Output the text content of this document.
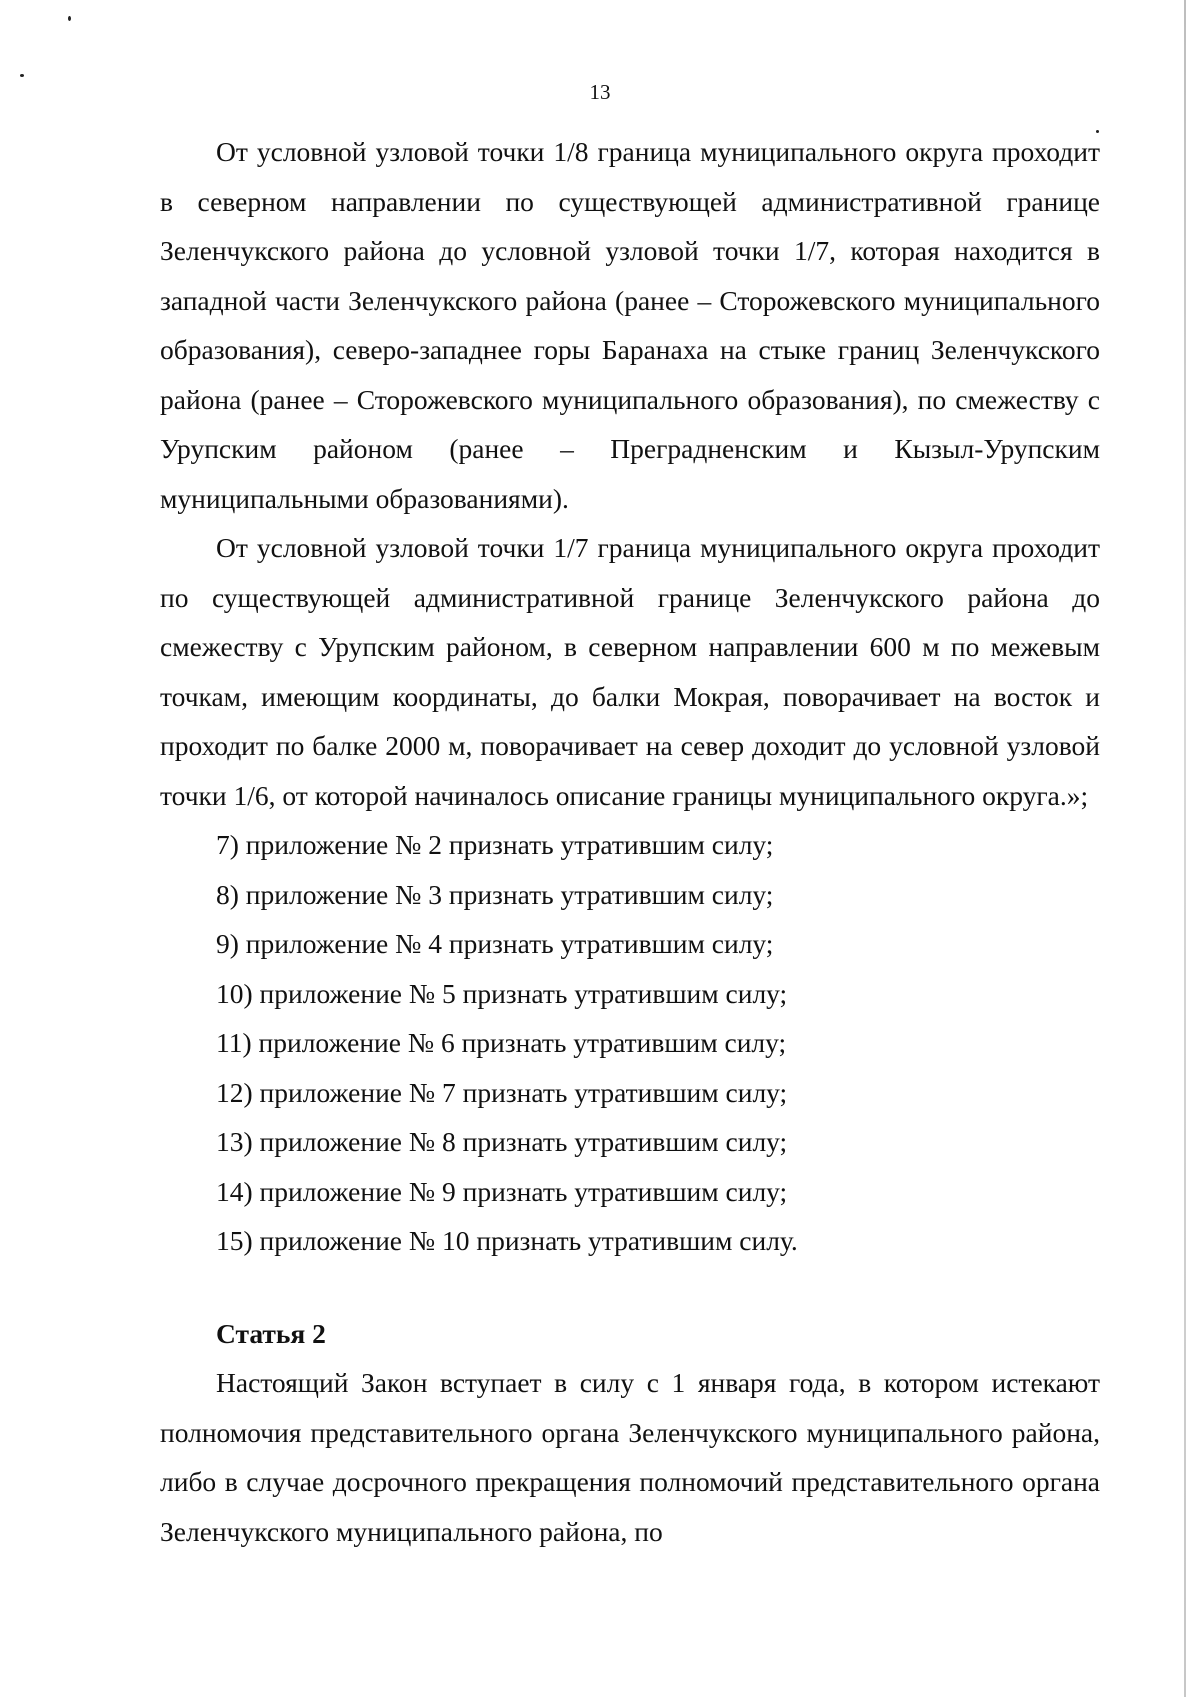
13

От условной узловой точки 1/8 граница муниципального округа проходит в северном направлении по существующей административной границе Зеленчукского района до условной узловой точки 1/7, которая находится в западной части Зеленчукского района (ранее – Сторожевского муниципального образования), северо-западнее горы Баранаха на стыке границ Зеленчукского района (ранее – Сторожевского муниципального образования), по смежеству с Урупским районом (ранее – Преградненским и Кызыл-Урупским муниципальными образованиями).

От условной узловой точки 1/7 граница муниципального округа проходит по существующей административной границе Зеленчукского района до смежеству с Урупским районом, в северном направлении 600 м по межевым точкам, имеющим координаты, до балки Мокрая, поворачивает на восток и проходит по балке 2000 м, поворачивает на север доходит до условной узловой точки 1/6, от которой начиналось описание границы муниципального округа.»;

7) приложение № 2 признать утратившим силу;
8) приложение № 3 признать утратившим силу;
9) приложение № 4 признать утратившим силу;
10) приложение № 5 признать утратившим силу;
11) приложение № 6 признать утратившим силу;
12) приложение № 7 признать утратившим силу;
13) приложение № 8 признать утратившим силу;
14) приложение № 9 признать утратившим силу;
15) приложение № 10 признать утратившим силу.
Статья 2

Настоящий Закон вступает в силу с 1 января года, в котором истекают полномочия представительного органа Зеленчукского муниципального района, либо в случае досрочного прекращения полномочий представительного органа Зеленчукского муниципального района, по
